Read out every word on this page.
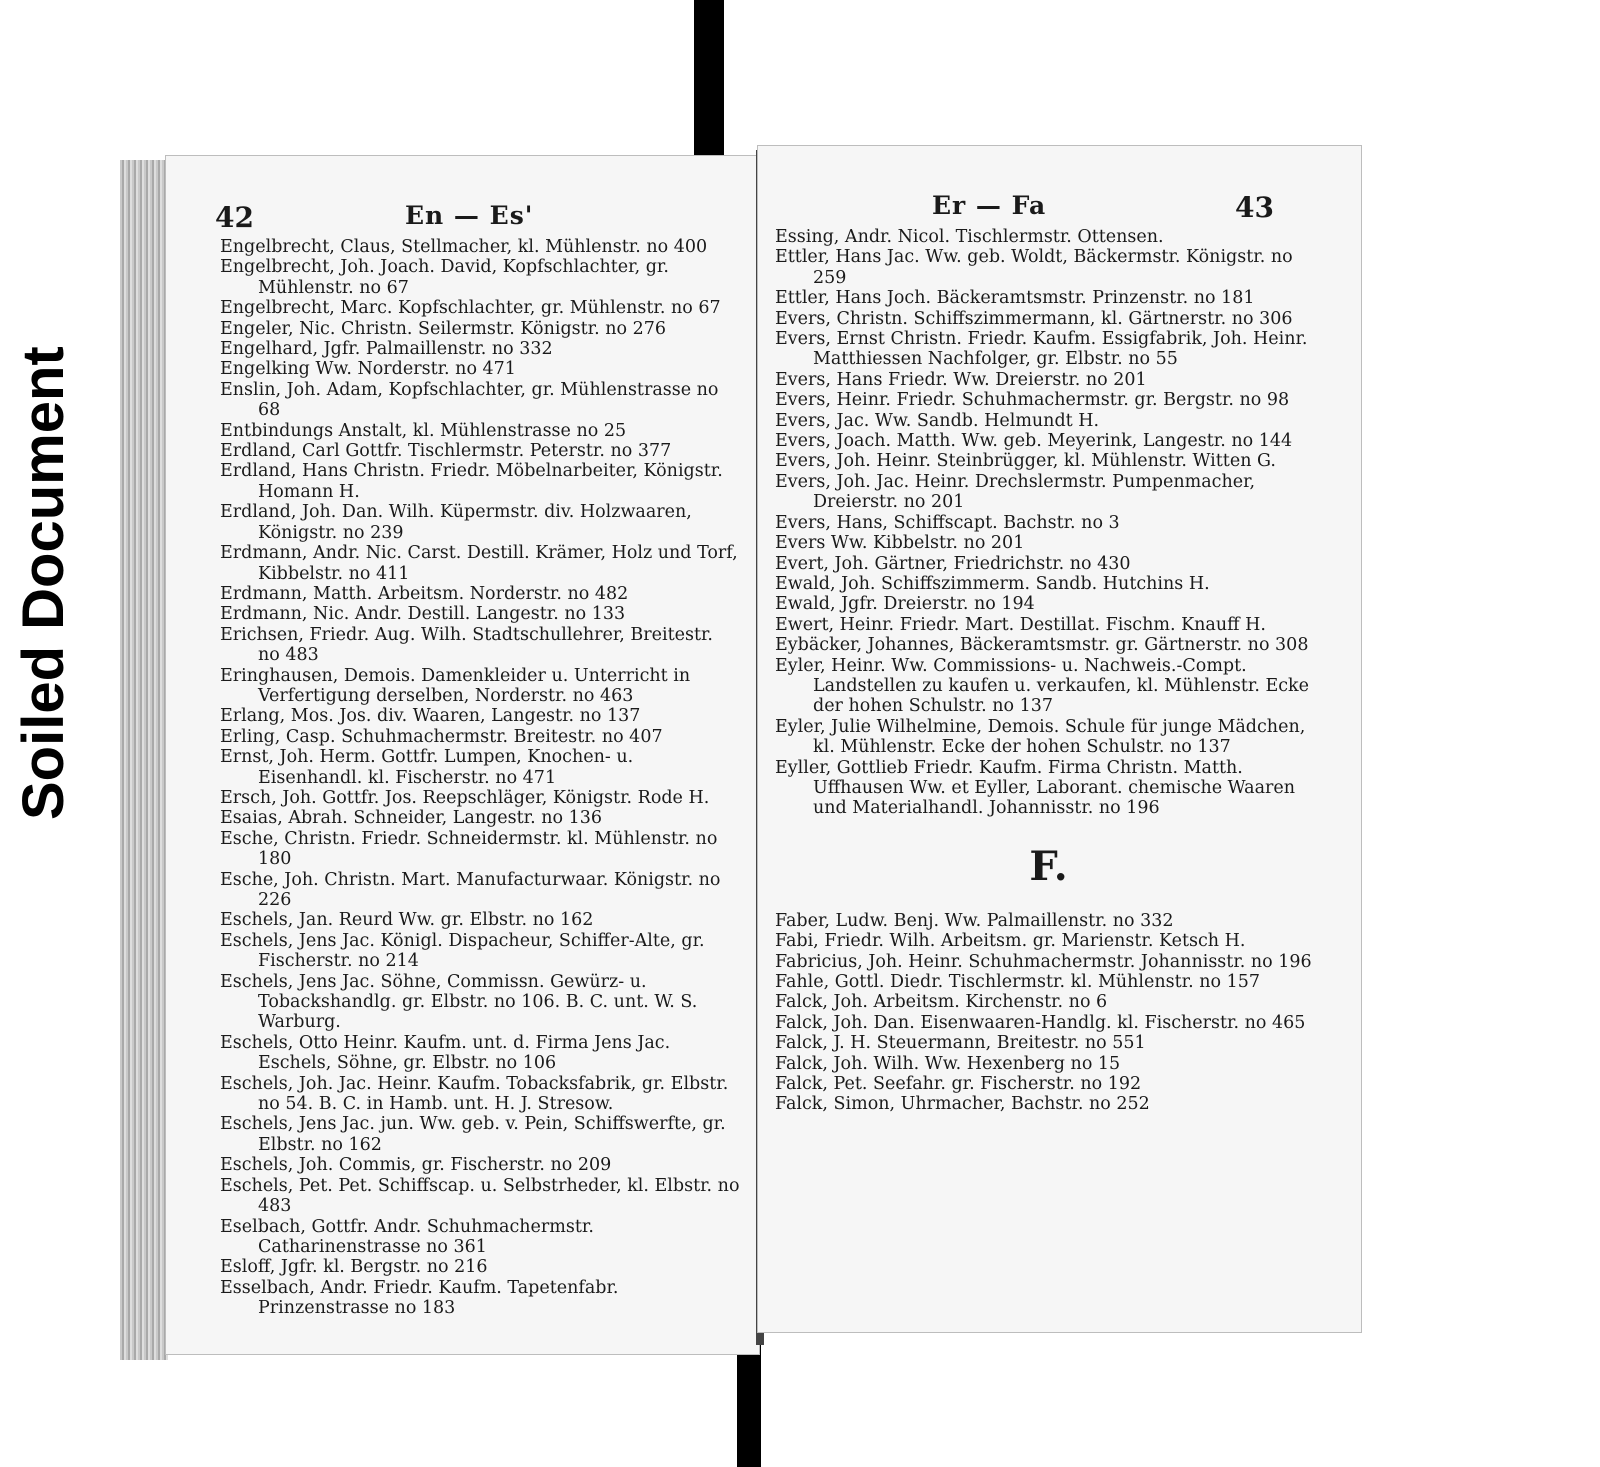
Soiled Document
42	En — Es'

Engelbrecht, Claus, Stellmacher, kl. Mühlenstr. no 400

Engelbrecht, Joh. Joach. David, Kopfschlachter, gr. Mühlenstr. no 67

Engelbrecht, Marc. Kopfschlachter, gr. Mühlenstr. no 67

Engeler, Nic. Christn. Seilermstr. Königstr. no 276

Engelhard, Jgfr. Palmaillenstr. no 332

Engelking Ww. Norderstr. no 471

Enslin, Joh. Adam, Kopfschlachter, gr. Mühlenstrasse no 68

Entbindungs Anstalt, kl. Mühlenstrasse no 25

Erdland, Carl Gottfr. Tischlermstr. Peterstr. no 377

Erdland, Hans Christn. Friedr. Möbelnarbeiter, Königstr. Homann H.

Erdland, Joh. Dan. Wilh. Küpermstr. div. Holzwaaren, Königstr. no 239

Erdmann, Andr. Nic. Carst. Destill. Krämer, Holz und Torf, Kibbelstr. no 411

Erdmann, Matth. Arbeitsm. Norderstr. no 482

Erdmann, Nic. Andr. Destill. Langestr. no 133

Erichsen, Friedr. Aug. Wilh. Stadtschullehrer, Breitestr. no 483

Eringhausen, Demois. Damenkleider u. Unterricht in Verfertigung derselben, Norderstr. no 463

Erlang, Mos. Jos. div. Waaren, Langestr. no 137

Erling, Casp. Schuhmachermstr. Breitestr. no 407

Ernst, Joh. Herm. Gottfr. Lumpen, Knochen- u. Eisenhandl. kl. Fischerstr. no 471

Ersch, Joh. Gottfr. Jos. Reepschläger, Königstr. Rode H.

Esaias, Abrah. Schneider, Langestr. no 136

Esche, Christn. Friedr. Schneidermstr. kl. Mühlenstr. no 180

Esche, Joh. Christn. Mart. Manufacturwaar. Königstr. no 226

Eschels, Jan. Reurd Ww. gr. Elbstr. no 162

Eschels, Jens Jac. Königl. Dispacheur, Schiffer-Alte, gr. Fischerstr. no 214

Eschels, Jens Jac. Söhne, Commissn. Gewürz- u. Tobackshandlg. gr. Elbstr. no 106. B. C. unt. W. S. Warburg.

Eschels, Otto Heinr. Kaufm. unt. d. Firma Jens Jac. Eschels, Söhne, gr. Elbstr. no 106

Eschels, Joh. Jac. Heinr. Kaufm. Tobacksfabrik, gr. Elbstr. no 54. B. C. in Hamb. unt. H. J. Stresow.

Eschels, Jens Jac. jun. Ww. geb. v. Pein, Schiffswerfte, gr. Elbstr. no 162

Eschels, Joh. Commis, gr. Fischerstr. no 209

Eschels, Pet. Pet. Schiffscap. u. Selbstrheder, kl. Elbstr. no 483

Eselbach, Gottfr. Andr. Schuhmachermstr. Catharinenstrasse no 361

Esloff, Jgfr. kl. Bergstr. no 216

Esselbach, Andr. Friedr. Kaufm. Tapetenfabr. Prinzenstrasse no 183

Er — Fa	43

Essing, Andr. Nicol. Tischlermstr. Ottensen.

Ettler, Hans Jac. Ww. geb. Woldt, Bäckermstr. Königstr. no 259

Ettler, Hans Joch. Bäckeramtsmstr. Prinzenstr. no 181

Evers, Christn. Schiffszimmermann, kl. Gärtnerstr. no 306

Evers, Ernst Christn. Friedr. Kaufm. Essigfabrik, Joh. Heinr. Matthiessen Nachfolger, gr. Elbstr. no 55

Evers, Hans Friedr. Ww. Dreierstr. no 201

Evers, Heinr. Friedr. Schuhmachermstr. gr. Bergstr. no 98

Evers, Jac. Ww. Sandb. Helmundt H.

Evers, Joach. Matth. Ww. geb. Meyerink, Langestr. no 144

Evers, Joh. Heinr. Steinbrügger, kl. Mühlenstr. Witten G.

Evers, Joh. Jac. Heinr. Drechslermstr. Pumpenmacher, Dreierstr. no 201

Evers, Hans, Schiffscapt. Bachstr. no 3

Evers Ww. Kibbelstr. no 201

Evert, Joh. Gärtner, Friedrichstr. no 430

Ewald, Joh. Schiffszimmerm. Sandb. Hutchins H.

Ewald, Jgfr. Dreierstr. no 194

Ewert, Heinr. Friedr. Mart. Destillat. Fischm. Knauff H.

Eybäcker, Johannes, Bäckeramtsmstr. gr. Gärtnerstr. no 308

Eyler, Heinr. Ww. Commissions- u. Nachweis.-Compt. Landstellen zu kaufen u. verkaufen, kl. Mühlenstr. Ecke der hohen Schulstr. no 137

Eyler, Julie Wilhelmine, Demois. Schule für junge Mädchen, kl. Mühlenstr. Ecke der hohen Schulstr. no 137

Eyller, Gottlieb Friedr. Kaufm. Firma Christn. Matth. Uffhausen Ww. et Eyller, Laborant. chemische Waaren und Materialhandl. Johannisstr. no 196

F.

Faber, Ludw. Benj. Ww. Palmaillenstr. no 332

Fabi, Friedr. Wilh. Arbeitsm. gr. Marienstr. Ketsch H.

Fabricius, Joh. Heinr. Schuhmachermstr. Johannisstr. no 196

Fahle, Gottl. Diedr. Tischlermstr. kl. Mühlenstr. no 157

Falck, Joh. Arbeitsm. Kirchenstr. no 6

Falck, Joh. Dan. Eisenwaaren-Handlg. kl. Fischerstr. no 465

Falck, J. H. Steuermann, Breitestr. no 551

Falck, Joh. Wilh. Ww. Hexenberg no 15

Falck, Pet. Seefahr. gr. Fischerstr. no 192

Falck, Simon, Uhrmacher, Bachstr. no 252
